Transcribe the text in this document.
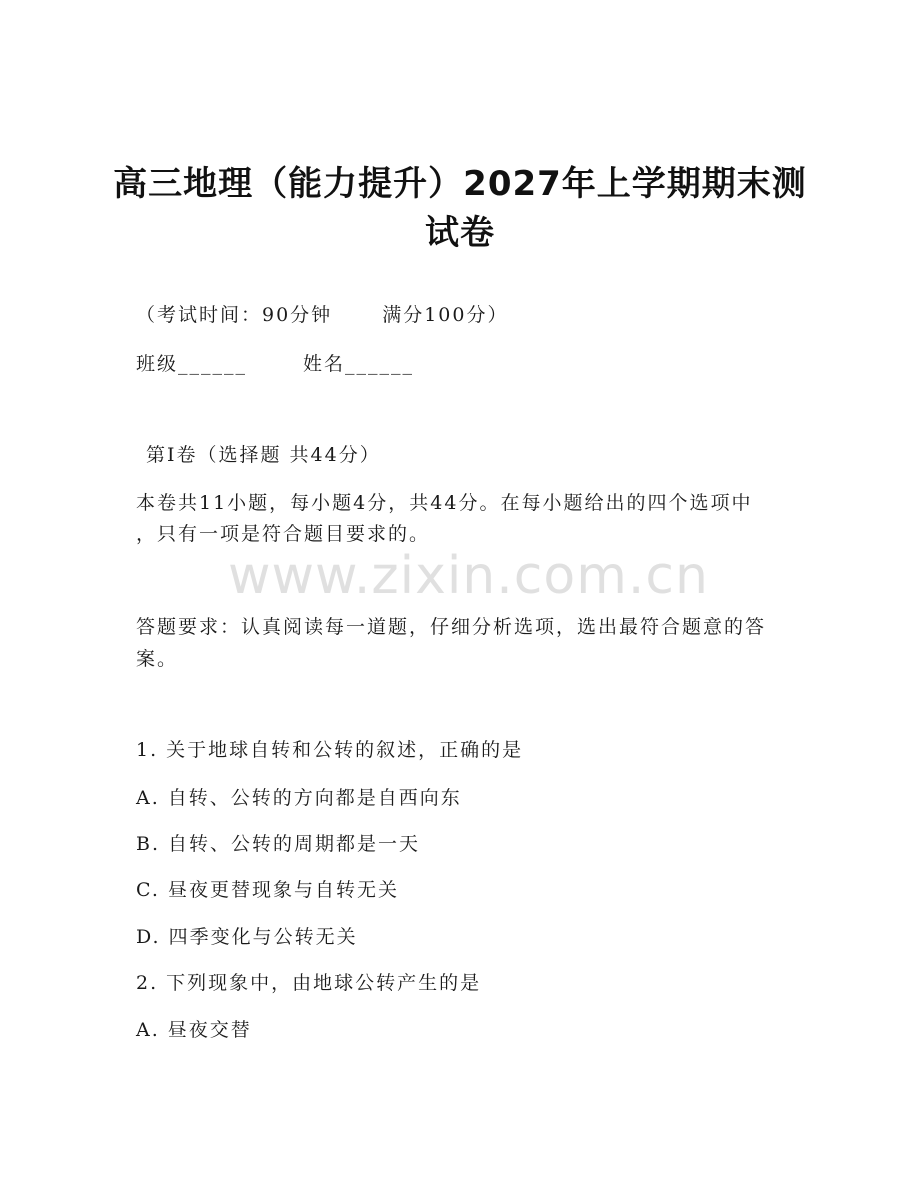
高三地理（能力提升）2027年上学期期末测
试卷

（考试时间：90分钟	满分100分）

班级______	姓名______

第I卷（选择题 共44分）

本卷共11小题，每小题4分，共44分。在每小题给出的四个选项中

，只有一项是符合题目要求的。

www.zixin.com.cn

答题要求：认真阅读每一道题，仔细分析选项，选出最符合题意的答

案。

1. 关于地球自转和公转的叙述，正确的是

A. 自转、公转的方向都是自西向东

B. 自转、公转的周期都是一天

C. 昼夜更替现象与自转无关

D. 四季变化与公转无关

2. 下列现象中，由地球公转产生的是

A. 昼夜交替
